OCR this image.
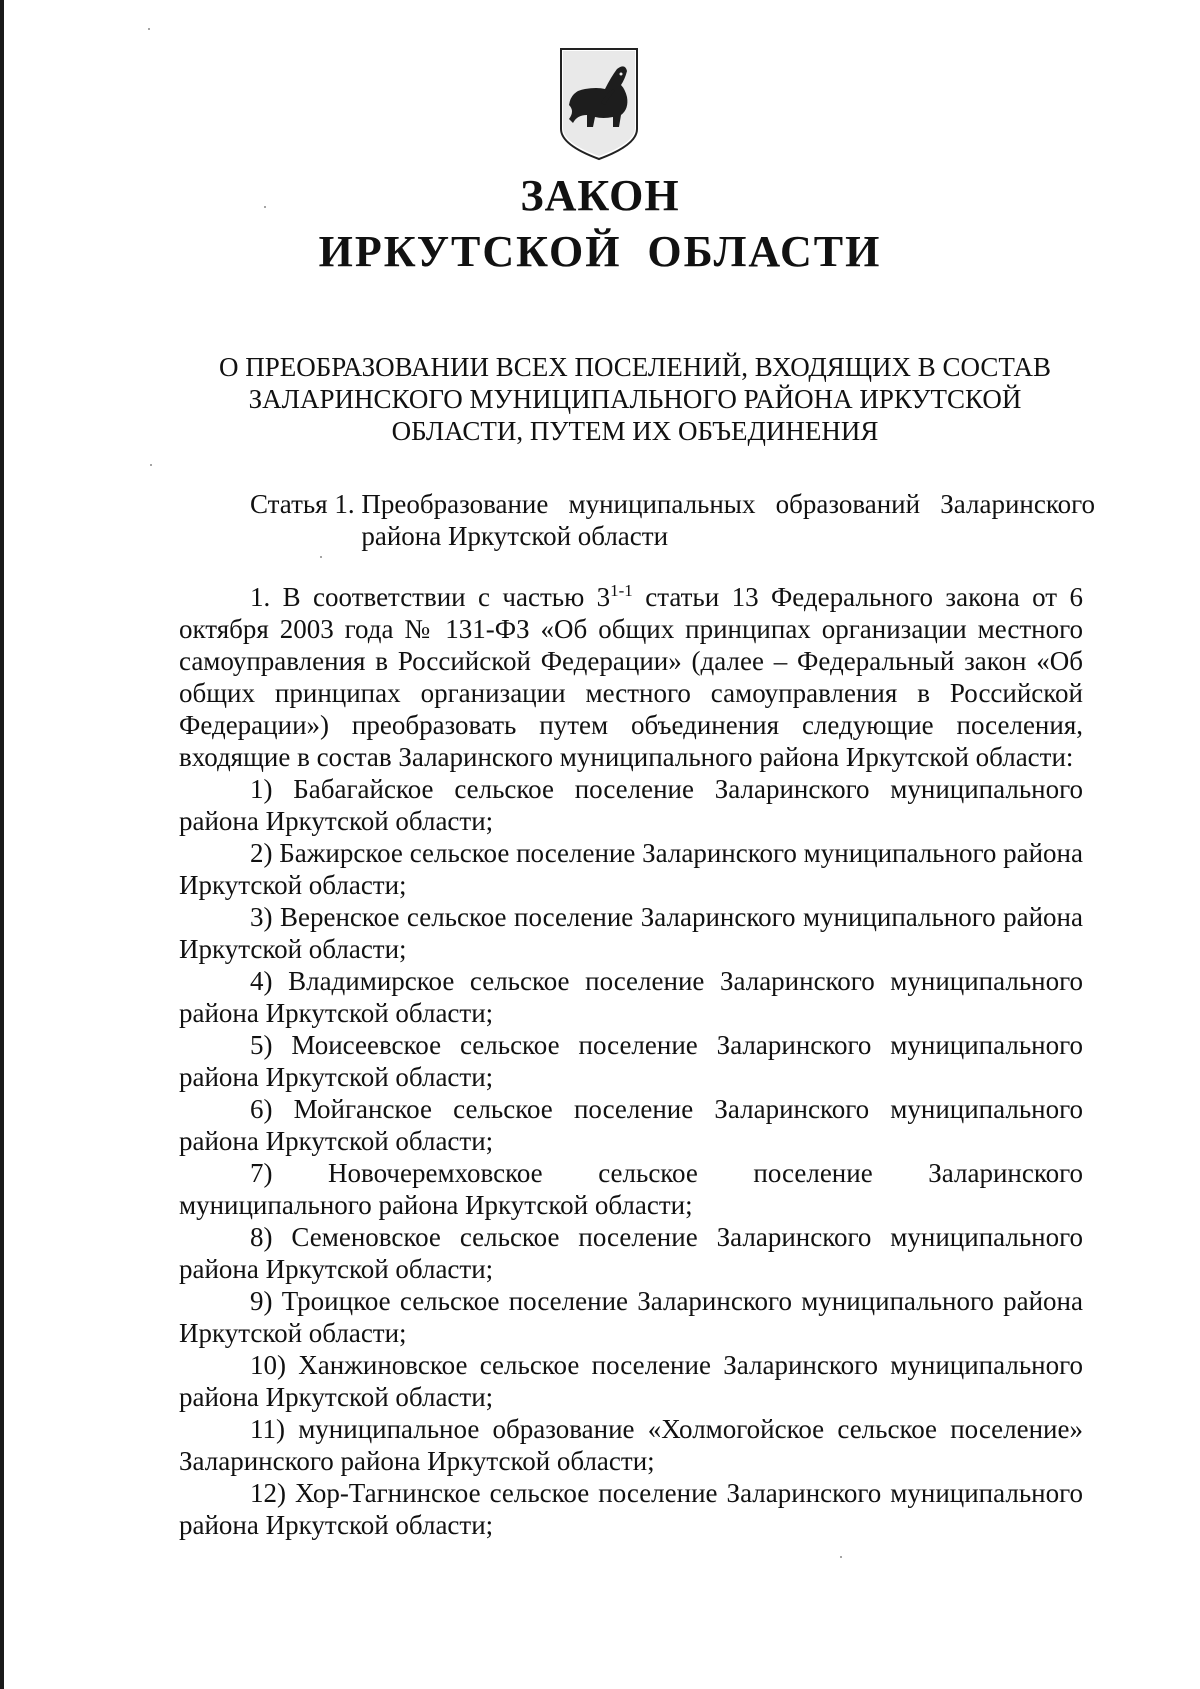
ЗАКОН
ИРКУТСКОЙ  ОБЛАСТИ
О ПРЕОБРАЗОВАНИИ ВСЕХ ПОСЕЛЕНИЙ, ВХОДЯЩИХ В СОСТАВ
ЗАЛАРИНСКОГО МУНИЦИПАЛЬНОГО РАЙОНА ИРКУТСКОЙ
ОБЛАСТИ, ПУТЕМ ИХ ОБЪЕДИНЕНИЯ
Статья 1. Преобразование муниципальных образований Заларинского района Иркутской области

1. В соответствии с частью 3$^{1-1}$ статьи 13 Федерального закона от 6 октября 2003 года № 131-ФЗ «Об общих принципах организации местного самоуправления в Российской Федерации» (далее – Федеральный закон «Об общих принципах организации местного самоуправления в Российской Федерации») преобразовать путем объединения следующие поселения, входящие в состав Заларинского муниципального района Иркутской области:

1) Бабагайское сельское поселение Заларинского муниципального района Иркутской области;

2) Бажирское сельское поселение Заларинского муниципального района Иркутской области;

3) Веренское сельское поселение Заларинского муниципального района Иркутской области;

4) Владимирское сельское поселение Заларинского муниципального района Иркутской области;

5) Моисеевское сельское поселение Заларинского муниципального района Иркутской области;

6) Мойганское сельское поселение Заларинского муниципального района Иркутской области;

7) Новочеремховское сельское поселение Заларинского муниципального района Иркутской области;

8) Семеновское сельское поселение Заларинского муниципального района Иркутской области;

9) Троицкое сельское поселение Заларинского муниципального района Иркутской области;

10) Ханжиновское сельское поселение Заларинского муниципального района Иркутской области;

11) муниципальное образование «Холмогойское сельское поселение» Заларинского района Иркутской области;

12) Хор-Тагнинское сельское поселение Заларинского муниципального района Иркутской области;
